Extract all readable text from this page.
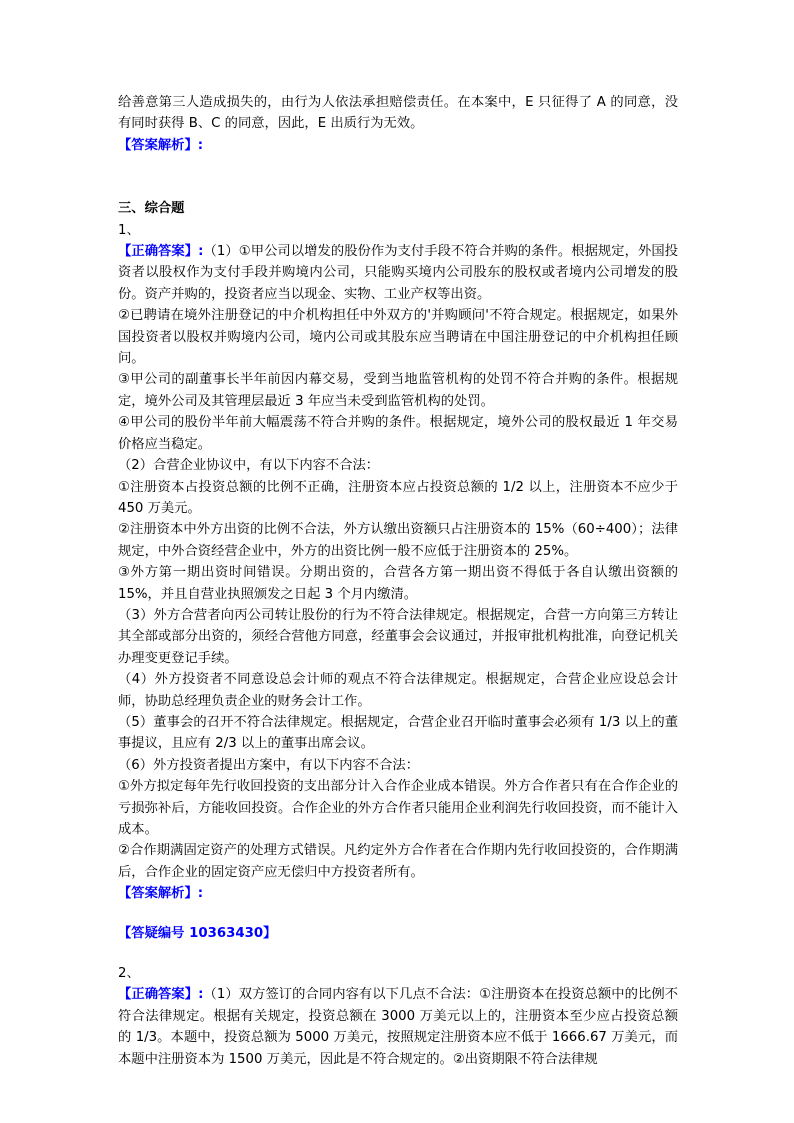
给善意第三人造成损失的，由行为人依法承担赔偿责任。在本案中，E 只征得了 A 的同意，没有同时获得 B、C 的同意，因此，E 出质行为无效。

【答案解析】:

三、综合题

1、

【正确答案】:（1）①甲公司以增发的股份作为支付手段不符合并购的条件。根据规定，外国投资者以股权作为支付手段并购境内公司，只能购买境内公司股东的股权或者境内公司增发的股份。资产并购的，投资者应当以现金、实物、工业产权等出资。

②已聘请在境外注册登记的中介机构担任中外双方的'并购顾问'不符合规定。根据规定，如果外国投资者以股权并购境内公司，境内公司或其股东应当聘请在中国注册登记的中介机构担任顾问。

③甲公司的副董事长半年前因内幕交易，受到当地监管机构的处罚不符合并购的条件。根据规定，境外公司及其管理层最近 3 年应当未受到监管机构的处罚。

④甲公司的股份半年前大幅震荡不符合并购的条件。根据规定，境外公司的股权最近 1 年交易价格应当稳定。

（2）合营企业协议中，有以下内容不合法：

①注册资本占投资总额的比例不正确，注册资本应占投资总额的 1/2 以上，注册资本不应少于 450 万美元。

②注册资本中外方出资的比例不合法，外方认缴出资额只占注册资本的 15%（60÷400）；法律规定，中外合资经营企业中，外方的出资比例一般不应低于注册资本的 25%。

③外方第一期出资时间错误。分期出资的，合营各方第一期出资不得低于各自认缴出资额的 15%，并且自营业执照颁发之日起 3 个月内缴清。

（3）外方合营者向丙公司转让股份的行为不符合法律规定。根据规定，合营一方向第三方转让其全部或部分出资的，须经合营他方同意，经董事会会议通过，并报审批机构批准，向登记机关办理变更登记手续。

（4）外方投资者不同意设总会计师的观点不符合法律规定。根据规定，合营企业应设总会计师，协助总经理负责企业的财务会计工作。

（5）董事会的召开不符合法律规定。根据规定，合营企业召开临时董事会必须有 1/3 以上的董事提议，且应有 2/3 以上的董事出席会议。

（6）外方投资者提出方案中，有以下内容不合法：

①外方拟定每年先行收回投资的支出部分计入合作企业成本错误。外方合作者只有在合作企业的亏损弥补后，方能收回投资。合作企业的外方合作者只能用企业利润先行收回投资，而不能计入成本。

②合作期满固定资产的处理方式错误。凡约定外方合作者在合作期内先行收回投资的，合作期满后，合作企业的固定资产应无偿归中方投资者所有。

【答案解析】:

【答疑编号 10363430】

2、

【正确答案】:（1）双方签订的合同内容有以下几点不合法：①注册资本在投资总额中的比例不符合法律规定。根据有关规定，投资总额在 3000 万美元以上的，注册资本至少应占投资总额的 1/3。本题中，投资总额为 5000 万美元，按照规定注册资本应不低于 1666.67 万美元，而本题中注册资本为 1500 万美元，因此是不符合规定的。②出资期限不符合法律规
